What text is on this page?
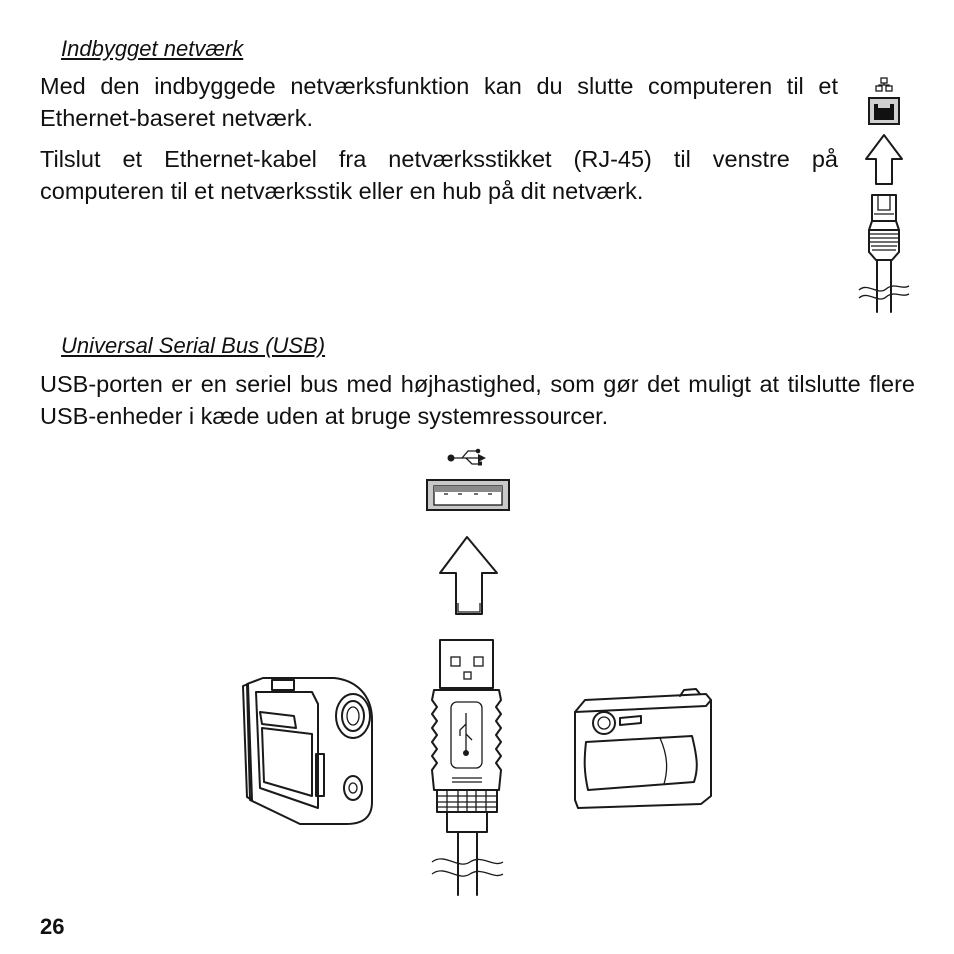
Indbygget netværk

Med den indbyggede netværksfunktion kan du slutte computeren til et Ethernet-baseret netværk.

Tilslut et Ethernet-kabel fra netværksstikket (RJ-45) til venstre på computeren til et netværksstik eller en hub på dit netværk.

Universal Serial Bus (USB)

USB-porten er en seriel bus med højhastighed, som gør det muligt at tilslutte flere USB-enheder i kæde uden at bruge systemressourcer.

26
